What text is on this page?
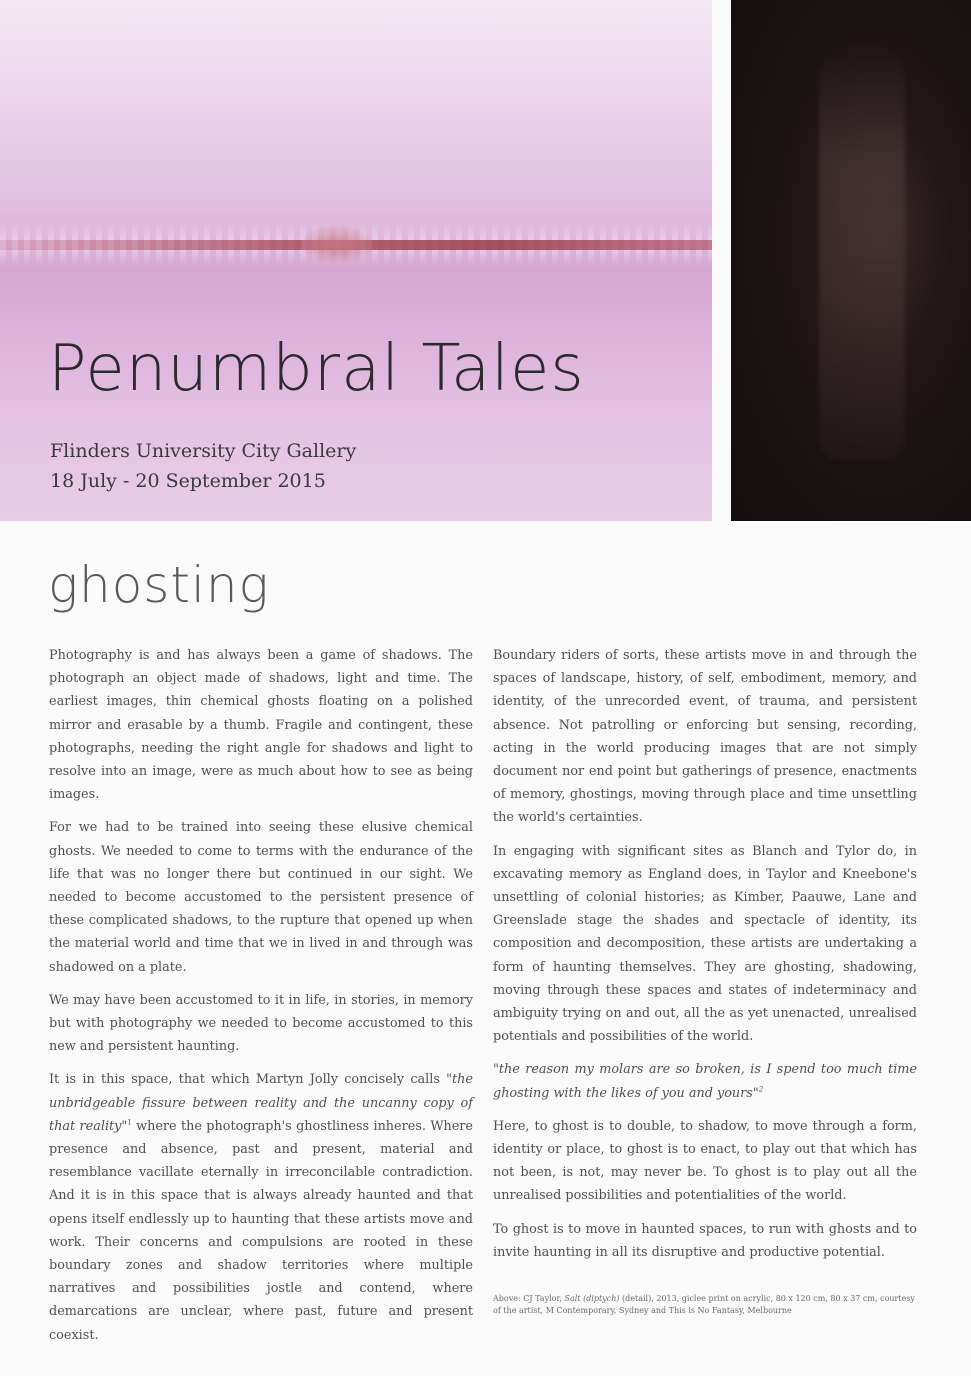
Penumbral Tales
Flinders University City Gallery
18 July - 20 September 2015
ghosting

Photography is and has always been a game of shadows. The photograph an object made of shadows, light and time. The earliest images, thin chemical ghosts floating on a polished mirror and erasable by a thumb. Fragile and contingent, these photographs, needing the right angle for shadows and light to resolve into an image, were as much about how to see as being images.

For we had to be trained into seeing these elusive chemical ghosts. We needed to come to terms with the endurance of the life that was no longer there but continued in our sight. We needed to become accustomed to the persistent presence of these complicated shadows, to the rupture that opened up when the material world and time that we in lived in and through was shadowed on a plate.

We may have been accustomed to it in life, in stories, in memory but with photography we needed to become accustomed to this new and persistent haunting.

It is in this space, that which Martyn Jolly concisely calls "the unbridgeable fissure between reality and the uncanny copy of that reality"$^1$ where the photograph's ghostliness inheres. Where presence and absence, past and present, material and resemblance vacillate eternally in irreconcilable contradiction. And it is in this space that is always already haunted and that opens itself endlessly up to haunting that these artists move and work. Their concerns and compulsions are rooted in these boundary zones and shadow territories where multiple narratives and possibilities jostle and contend, where demarcations are unclear, where past, future and present coexist.

Boundary riders of sorts, these artists move in and through the spaces of landscape, history, of self, embodiment, memory, and identity, of the unrecorded event, of trauma, and persistent absence. Not patrolling or enforcing but sensing, recording, acting in the world producing images that are not simply document nor end point but gatherings of presence, enactments of memory, ghostings, moving through place and time unsettling the world's certainties.

In engaging with significant sites as Blanch and Tylor do, in excavating memory as England does, in Taylor and Kneebone's unsettling of colonial histories; as Kimber, Paauwe, Lane and Greenslade stage the shades and spectacle of identity, its composition and decomposition, these artists are undertaking a form of haunting themselves. They are ghosting, shadowing, moving through these spaces and states of indeterminacy and ambiguity trying on and out, all the as yet unenacted, unrealised potentials and possibilities of the world.

"the reason my molars are so broken, is I spend too much time ghosting with the likes of you and yours"$^2$

Here, to ghost is to double, to shadow, to move through a form, identity or place, to ghost is to enact, to play out that which has not been, is not, may never be. To ghost is to play out all the unrealised possibilities and potentialities of the world.

To ghost is to move in haunted spaces, to run with ghosts and to invite haunting in all its disruptive and productive potential.

Above: CJ Taylor, Salt (diptych) (detail), 2013, giclee print on acrylic, 80 x 120 cm, 80 x 37 cm, courtesy of the artist, M Contemporary, Sydney and This is No Fantasy, Melbourne
